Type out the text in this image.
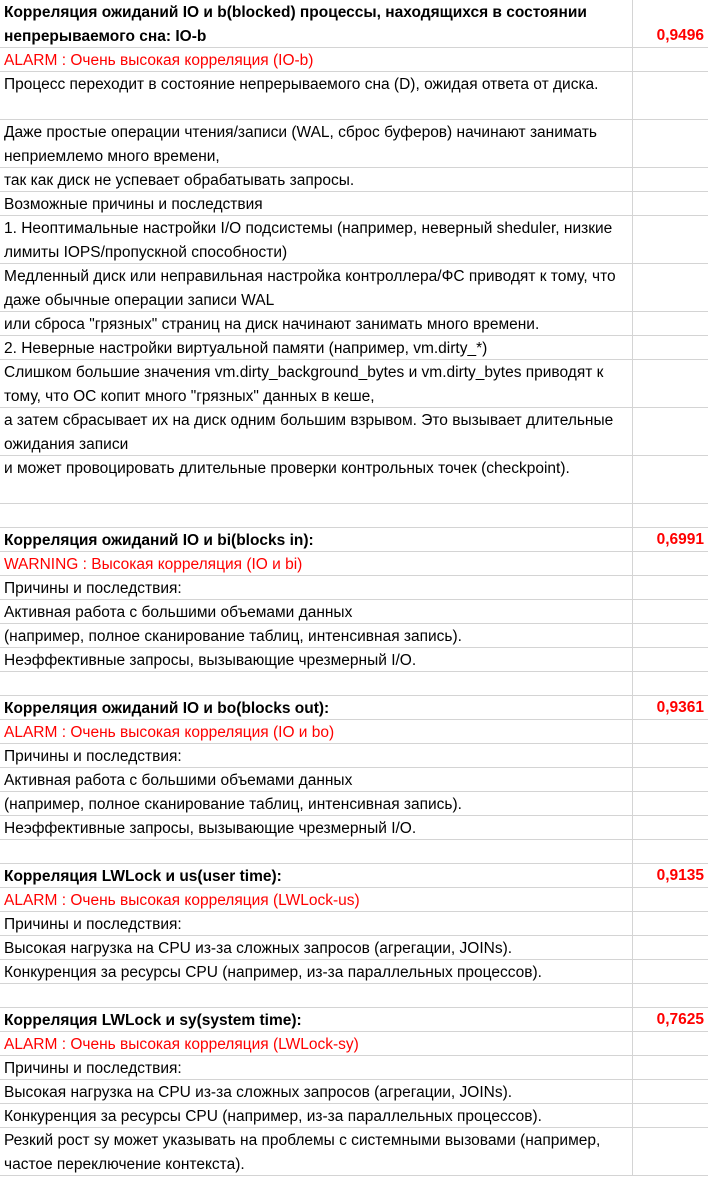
Корреляция ожиданий IO и b(blocked) процессы, находящихся в состоянии непрерываемого сна: IO-b	0,9496
ALARM : Очень высокая корреляция (IO-b)
Процесс переходит в состояние непрерываемого сна (D), ожидая ответа от диска.
Даже простые операции чтения/записи (WAL, сброс буферов) начинают занимать неприемлемо много времени,
так как диск не успевает обрабатывать запросы.
Возможные причины и последствия
1. Неоптимальные настройки I/O подсистемы (например, неверный sheduler, низкие лимиты IOPS/пропускной способности)
Медленный диск или неправильная настройка контроллера/ФС приводят к тому, что даже обычные операции записи WAL
или сброса "грязных" страниц на диск начинают занимать много времени.
2. Неверные настройки виртуальной памяти (например, vm.dirty_*)
Слишком большие значения vm.dirty_background_bytes и vm.dirty_bytes приводят к тому, что ОС копит много "грязных" данных в кеше,
а затем сбрасывает их на диск одним большим взрывом. Это вызывает длительные ожидания записи
и может провоцировать длительные проверки контрольных точек (checkpoint).
Корреляция ожиданий IO и bi(blocks in):	0,6991
WARNING : Высокая корреляция (IO и bi)
Причины и последствия:
Активная работа с большими объемами данных
(например, полное сканирование таблиц, интенсивная запись).
Неэффективные запросы, вызывающие чрезмерный I/O.
Корреляция ожиданий IO и bo(blocks out):	0,9361
ALARM : Очень высокая корреляция (IO и bo)
Причины и последствия:
Активная работа с большими объемами данных
(например, полное сканирование таблиц, интенсивная запись).
Неэффективные запросы, вызывающие чрезмерный I/O.
Корреляция LWLock и us(user time):	0,9135
ALARM : Очень высокая корреляция (LWLock-us)
Причины и последствия:
Высокая нагрузка на CPU из-за сложных запросов (агрегации, JOINs).
Конкуренция за ресурсы CPU (например, из-за параллельных процессов).
Корреляция LWLock и sy(system time):	0,7625
ALARM : Очень высокая корреляция (LWLock-sy)
Причины и последствия:
Высокая нагрузка на CPU из-за сложных запросов (агрегации, JOINs).
Конкуренция за ресурсы CPU (например, из-за параллельных процессов).
Резкий рост sy может указывать на проблемы с системными вызовами (например, частое переключение контекста).
